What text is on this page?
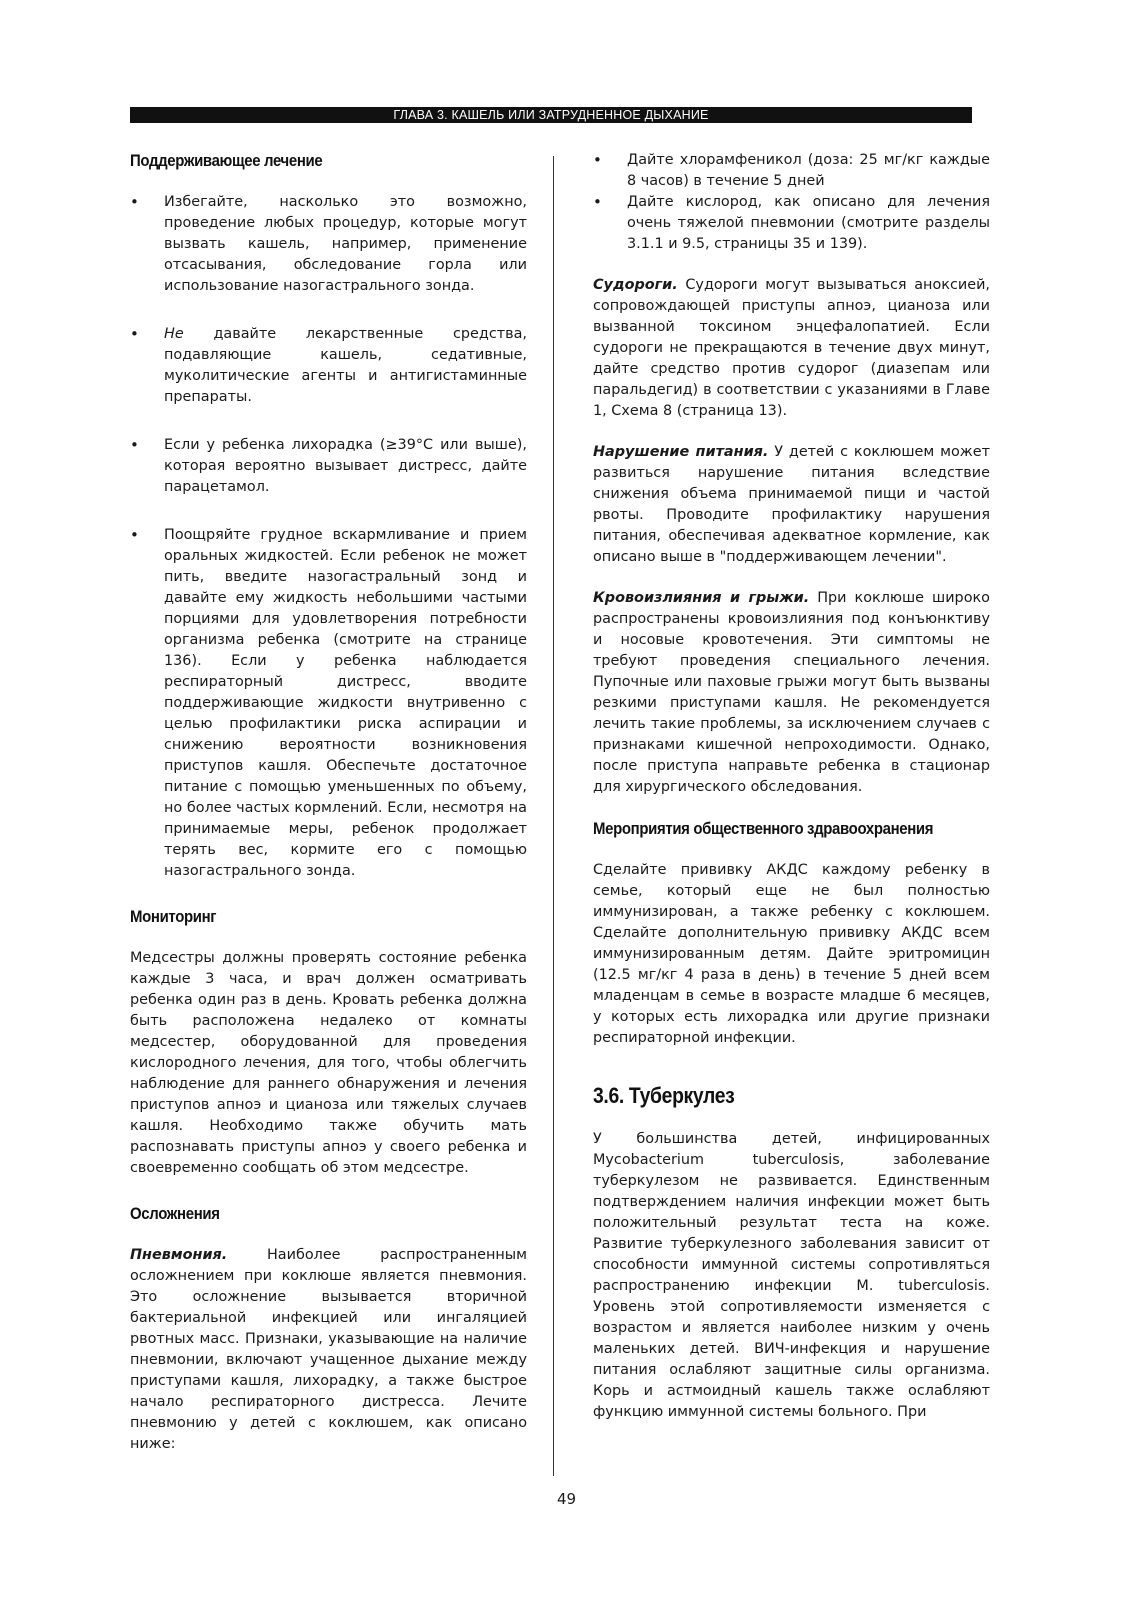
ГЛАВА 3. КАШЕЛЬ ИЛИ ЗАТРУДНЕННОЕ ДЫХАНИЕ
Поддерживающее лечение
• Избегайте, насколько это возможно, проведение любых процедур, которые могут вызвать кашель, например, применение отсасывания, обследование горла или использование назогастрального зонда.
• Не давайте лекарственные средства, подавляющие кашель, седативные, муколитические агенты и антигистаминные препараты.
• Если у ребенка лихорадка (≥39°C или выше), которая вероятно вызывает дистресс, дайте парацетамол.
• Поощряйте грудное вскармливание и прием оральных жидкостей. Если ребенок не может пить, введите назогастральный зонд и давайте ему жидкость небольшими частыми порциями для удовлетворения потребности организма ребенка (смотрите на странице 136). Если у ребенка наблюдается респираторный дистресс, вводите поддерживающие жидкости внутривенно с целью профилактики риска аспирации и снижению вероятности возникновения приступов кашля. Обеспечьте достаточное питание с помощью уменьшенных по объему, но более частых кормлений. Если, несмотря на принимаемые меры, ребенок продолжает терять вес, кормите его с помощью назогастрального зонда.
Мониторинг

Медсестры должны проверять состояние ребенка каждые 3 часа, и врач должен осматривать ребенка один раз в день. Кровать ребенка должна быть расположена недалеко от комнаты медсестер, оборудованной для проведения кислородного лечения, для того, чтобы облегчить наблюдение для раннего обнаружения и лечения приступов апноэ и цианоза или тяжелых случаев кашля. Необходимо также обучить мать распознавать приступы апноэ у своего ребенка и своевременно сообщать об этом медсестре.

Осложнения

Пневмония. Наиболее распространенным осложнением при коклюше является пневмония. Это осложнение вызывается вторичной бактериальной инфекцией или ингаляцией рвотных масс. Признаки, указывающие на наличие пневмонии, включают учащенное дыхание между приступами кашля, лихорадку, а также быстрое начало респираторного дистресса. Лечите пневмонию у детей с коклюшем, как описано ниже:

• Дайте хлорамфеникол (доза: 25 мг/кг каждые 8 часов) в течение 5 дней
• Дайте кислород, как описано для лечения очень тяжелой пневмонии (смотрите разделы 3.1.1 и 9.5, страницы 35 и 139).

Судороги. Судороги могут вызываться аноксией, сопровождающей приступы апноэ, цианоза или вызванной токсином энцефалопатией. Если судороги не прекращаются в течение двух минут, дайте средство против судорог (диазепам или паральдегид) в соответствии с указаниями в Главе 1, Схема 8 (страница 13).

Нарушение питания. У детей с коклюшем может развиться нарушение питания вследствие снижения объема принимаемой пищи и частой рвоты. Проводите профилактику нарушения питания, обеспечивая адекватное кормление, как описано выше в "поддерживающем лечении".

Кровоизлияния и грыжи. При коклюше широко распространены кровоизлияния под конъюнктиву и носовые кровотечения. Эти симптомы не требуют проведения специального лечения. Пупочные или паховые грыжи могут быть вызваны резкими приступами кашля. Не рекомендуется лечить такие проблемы, за исключением случаев с признаками кишечной непроходимости. Однако, после приступа направьте ребенка в стационар для хирургического обследования.

Мероприятия общественного здравоохранения

Сделайте прививку АКДС каждому ребенку в семье, который еще не был полностью иммунизирован, а также ребенку с коклюшем. Сделайте дополнительную прививку АКДС всем иммунизированным детям. Дайте эритромицин (12.5 мг/кг 4 раза в день) в течение 5 дней всем младенцам в семье в возрасте младше 6 месяцев, у которых есть лихорадка или другие признаки респираторной инфекции.

3.6. Туберкулез

У большинства детей, инфицированных Mycobacterium tuberculosis, заболевание туберкулезом не развивается. Единственным подтверждением наличия инфекции может быть положительный результат теста на коже. Развитие туберкулезного заболевания зависит от способности иммунной системы сопротивляться распространению инфекции M. tuberculosis. Уровень этой сопротивляемости изменяется с возрастом и является наиболее низким у очень маленьких детей. ВИЧ-инфекция и нарушение питания ослабляют защитные силы организма. Корь и астмоидный кашель также ослабляют функцию иммунной системы больного. При

49
